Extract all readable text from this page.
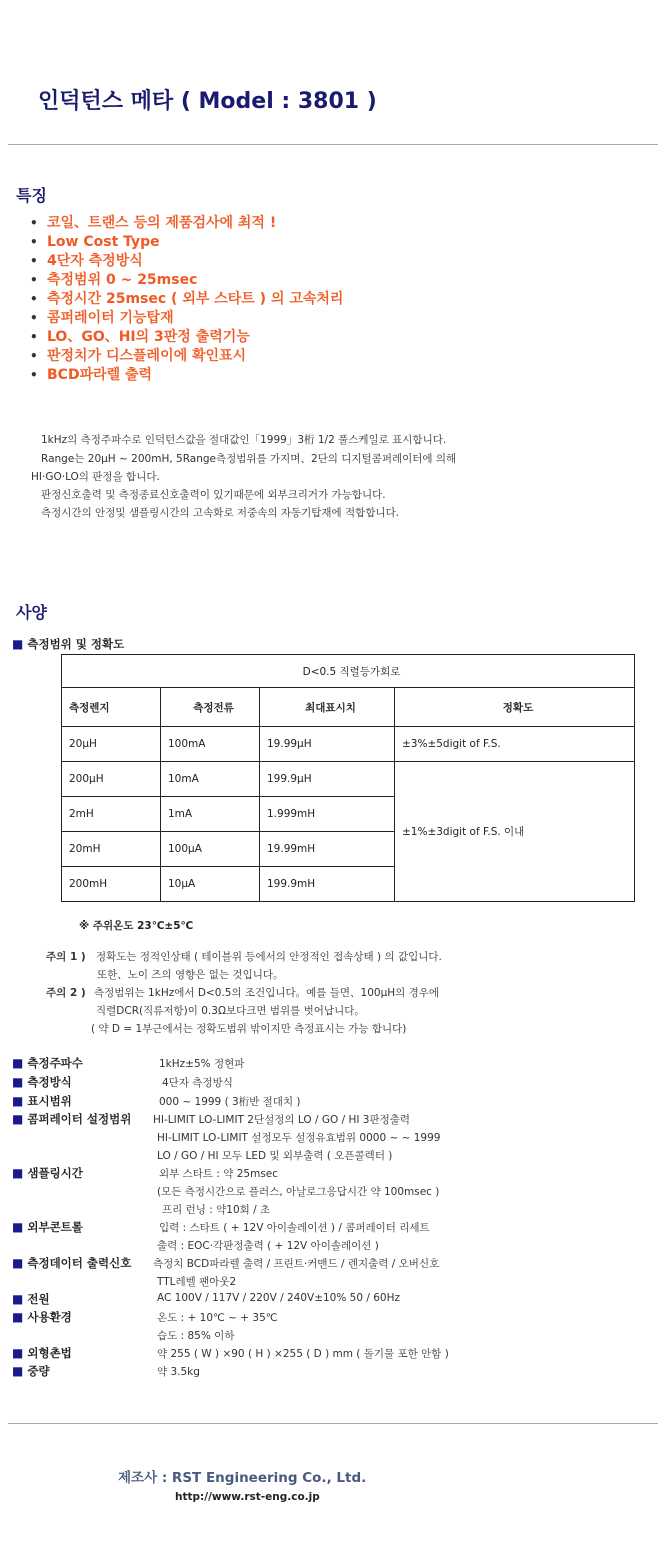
인덕턴스 메타 ( Model : 3801 )
특징
• 코일、트랜스 등의 제품검사에 최적 !
• Low Cost Type
• 4단자 측정방식
• 측정범위 0 ~ 25msec
• 측정시간 25msec ( 외부 스타트 ) 의 고속처리
• 콤퍼레이터 기능탑재
• LO、GO、HI의 3판정 출력기능
• 판정치가 디스플레이에 확인표시
• BCD파라렐 출력
1kHz의 측정주파수로 인덕턴스값을 절대값인「1999」3桁 1/2 풀스케일로 표시합니다.
Range는 20μH ~ 200mH, 5Range측정범위를 가지며、2단의 디지털콤퍼레이터에 의해
HI·GO·LO의 판정을 합니다.
판정신호출력 및 측정종료신호출력이 있기때문에 외부크리거가 가능합니다.
측정시간의 안정및 샘플링시간의 고속화로 저중속의 자동기탑재에 적합합니다.
사양
■ 측정범위 및 정확도
D<0.5 직렬등가회로			
측정렌지	측정전류	최대표시치	정확도
20μH	100mA	19.99μH	±3%±5digit of F.S.
200μH	10mA	199.9μH	±1%±3digit of F.S. 이내
2mH	1mA	1.999mH	
20mH	100μA	19.99mH	
200mH	10μA	199.9mH	
※ 주위온도 23℃±5℃
주의 1 ) 정확도는 정적인상태 ( 테이블위 등에서의 안정적인 접속상태 ) 의 값입니다.
또한、노이 즈의 영향은 없는 것입니다。
주의 2 ) 측정범위는 1kHz에서 D<0.5의 조건입니다。예를 들면、100μH의 경우에
직렬DCR(직류저항)이 0.3Ω보다크면 범위를 벗어납니다。
( 약 D = 1부근에서는 정확도범위 밖이지만 측정표시는 가능 합니다)
■ 측정주파수	1kHz±5% 정현파
■ 측정방식	4단자 측정방식
■ 표시범위	000 ~ 1999 ( 3桁반 절대치 )
■ 콤퍼레이터 설정범위 HI-LIMIT LO-LIMIT 2단설정의 LO / GO / HI 3판정출력
HI-LIMIT LO-LIMIT 설정모두 설정유효범위 0000 ~ ~ 1999
LO / GO / HI 모두 LED 및 외부출력 ( 오픈콜렉터 )
■ 샘플링시간	외부 스타트 : 약 25msec
(모든 측정시간으로 플러스, 아날로그응답시간 약 100msec )
프리 런닝 : 약10회 / 초
■ 외부콘트롤	입력 : 스타트 ( + 12V 아이솔레이션 ) / 콤퍼레이터 리세트
출력 : EOC·각판정출력 ( + 12V 아이솔레이션 )
■ 측정데이터 출력신호 측정치 BCD파라렐 출력 / 프린트·커맨드 / 렌지출력 / 오버신호
TTL레벨 팬아웃2
■ 전원	AC 100V / 117V / 220V / 240V±10% 50 / 60Hz
■ 사용환경	온도 : + 10℃ ~ + 35℃
습도 : 85% 이하
■ 외형촌법	약 255 ( W ) ×90 ( H ) ×255 ( D ) mm ( 돌기물 포한 안함 )
■ 중량	약 3.5kg
제조사 : RST Engineering Co., Ltd.
http://www.rst-eng.co.jp
